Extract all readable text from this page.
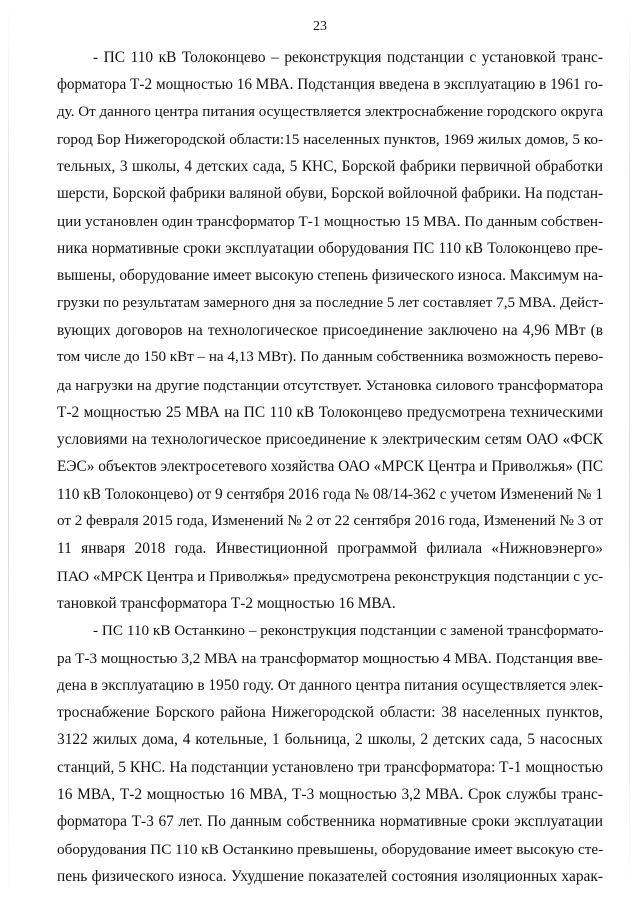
23

- ПС 110 кВ Толоконцево – реконструкция подстанции с установкой транс-
форматора Т-2 мощностью 16 МВА. Подстанция введена в эксплуатацию в 1961 го-
ду. От данного центра питания осуществляется электроснабжение городского округа
город Бор Нижегородской области:15 населенных пунктов, 1969 жилых домов, 5 ко-
тельных, 3 школы, 4 детских сада, 5 КНС, Борской фабрики первичной обработки
шерсти, Борской фабрики валяной обуви, Борской войлочной фабрики. На подстан-
ции установлен один трансформатор Т-1 мощностью 15 МВА. По данным собствен-
ника нормативные сроки эксплуатации оборудования ПС 110 кВ Толоконцево пре-
вышены, оборудование имеет высокую степень физического износа. Максимум на-
грузки по результатам замерного дня за последние 5 лет составляет 7,5 МВА. Дейст-
вующих договоров на технологическое присоединение заключено на 4,96 МВт (в
том числе до 150 кВт – на 4,13 МВт). По данным собственника возможность перево-
да нагрузки на другие подстанции отсутствует. Установка силового трансформатора
Т-2 мощностью 25 МВА на ПС 110 кВ Толоконцево предусмотрена техническими
условиями на технологическое присоединение к электрическим сетям ОАО «ФСК
ЕЭС» объектов электросетевого хозяйства ОАО «МРСК Центра и Приволжья» (ПС
110 кВ Толоконцево) от 9 сентября 2016 года № 08/14-362 с учетом Изменений № 1
от 2 февраля 2015 года, Изменений № 2 от 22 сентября 2016 года, Изменений № 3 от
11 января 2018 года. Инвестиционной программой филиала «Нижновэнерго»
ПАО «МРСК Центра и Приволжья» предусмотрена реконструкция подстанции с ус-
тановкой трансформатора Т-2 мощностью 16 МВА.

- ПС 110 кВ Останкино – реконструкция подстанции с заменой трансформато-
ра Т-3 мощностью 3,2 МВА на трансформатор мощностью 4 МВА. Подстанция вве-
дена в эксплуатацию в 1950 году. От данного центра питания осуществляется элек-
троснабжение Борского района Нижегородской области: 38 населенных пунктов,
3122 жилых дома, 4 котельные, 1 больница, 2 школы, 2 детских сада, 5 насосных
станций, 5 КНС. На подстанции установлено три трансформатора: Т-1 мощностью
16 МВА, Т-2 мощностью 16 МВА, Т-3 мощностью 3,2 МВА. Срок службы транс-
форматора Т-3 67 лет. По данным собственника нормативные сроки эксплуатации
оборудования ПС 110 кВ Останкино превышены, оборудование имеет высокую сте-
пень физического износа. Ухудшение показателей состояния изоляционных харак-
